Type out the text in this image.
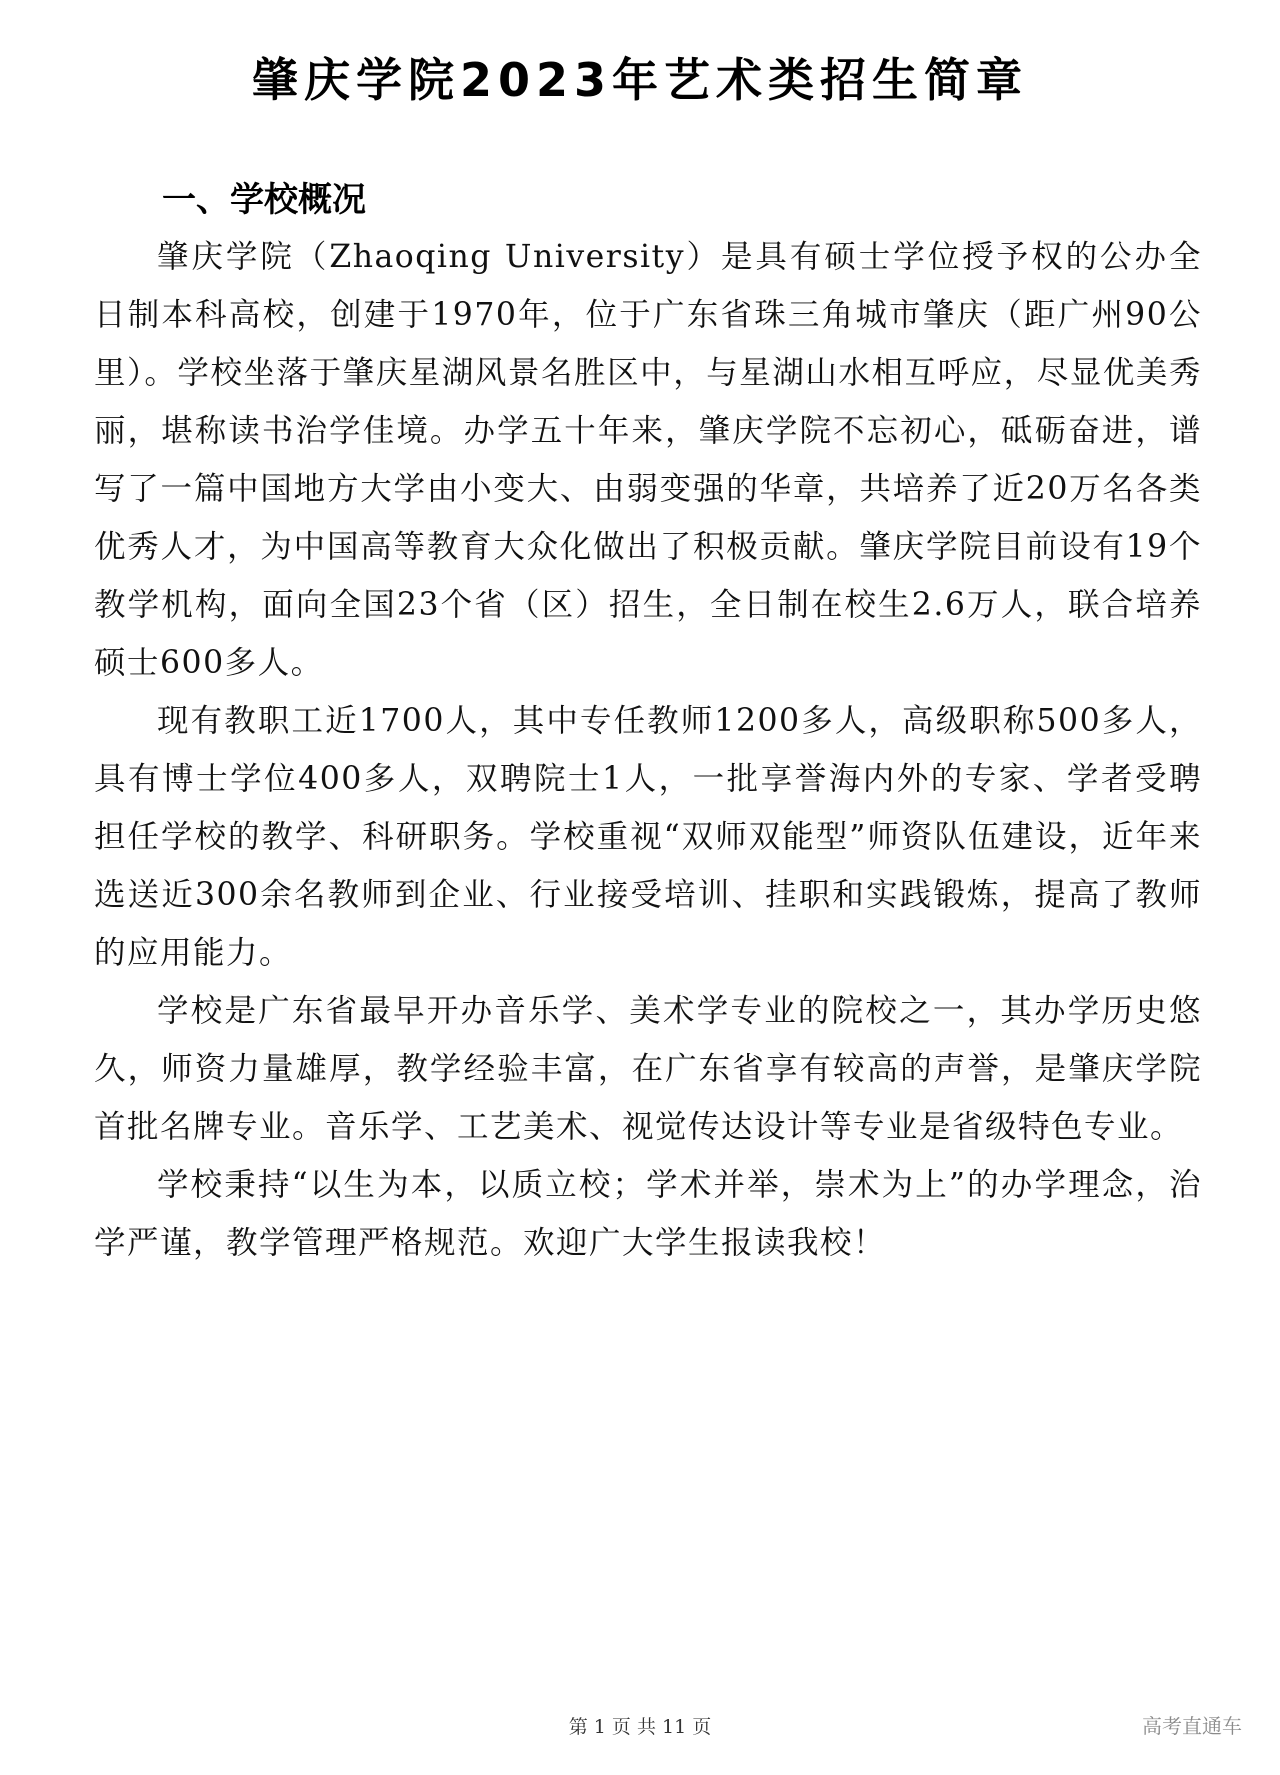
肇庆学院2023年艺术类招生简章
一、学校概况

肇庆学院（Zhaoqing University）是具有硕士学位授予权的公办全日制本科高校，创建于1970年，位于广东省珠三角城市肇庆（距广州90公里）。学校坐落于肇庆星湖风景名胜区中，与星湖山水相互呼应，尽显优美秀丽，堪称读书治学佳境。办学五十年来，肇庆学院不忘初心，砥砺奋进，谱写了一篇中国地方大学由小变大、由弱变强的华章，共培养了近20万名各类优秀人才，为中国高等教育大众化做出了积极贡献。肇庆学院目前设有19个教学机构，面向全国23个省（区）招生，全日制在校生2.6万人，联合培养硕士600多人。

现有教职工近1700人，其中专任教师1200多人，高级职称500多人，具有博士学位400多人，双聘院士1人，一批享誉海内外的专家、学者受聘担任学校的教学、科研职务。学校重视“双师双能型”师资队伍建设，近年来选送近300余名教师到企业、行业接受培训、挂职和实践锻炼，提高了教师的应用能力。

学校是广东省最早开办音乐学、美术学专业的院校之一，其办学历史悠久，师资力量雄厚，教学经验丰富，在广东省享有较高的声誉，是肇庆学院首批名牌专业。音乐学、工艺美术、视觉传达设计等专业是省级特色专业。

学校秉持“以生为本，以质立校；学术并举，崇术为上”的办学理念，治学严谨，教学管理严格规范。欢迎广大学生报读我校！

第 1 页 共 11 页	高考直通车
